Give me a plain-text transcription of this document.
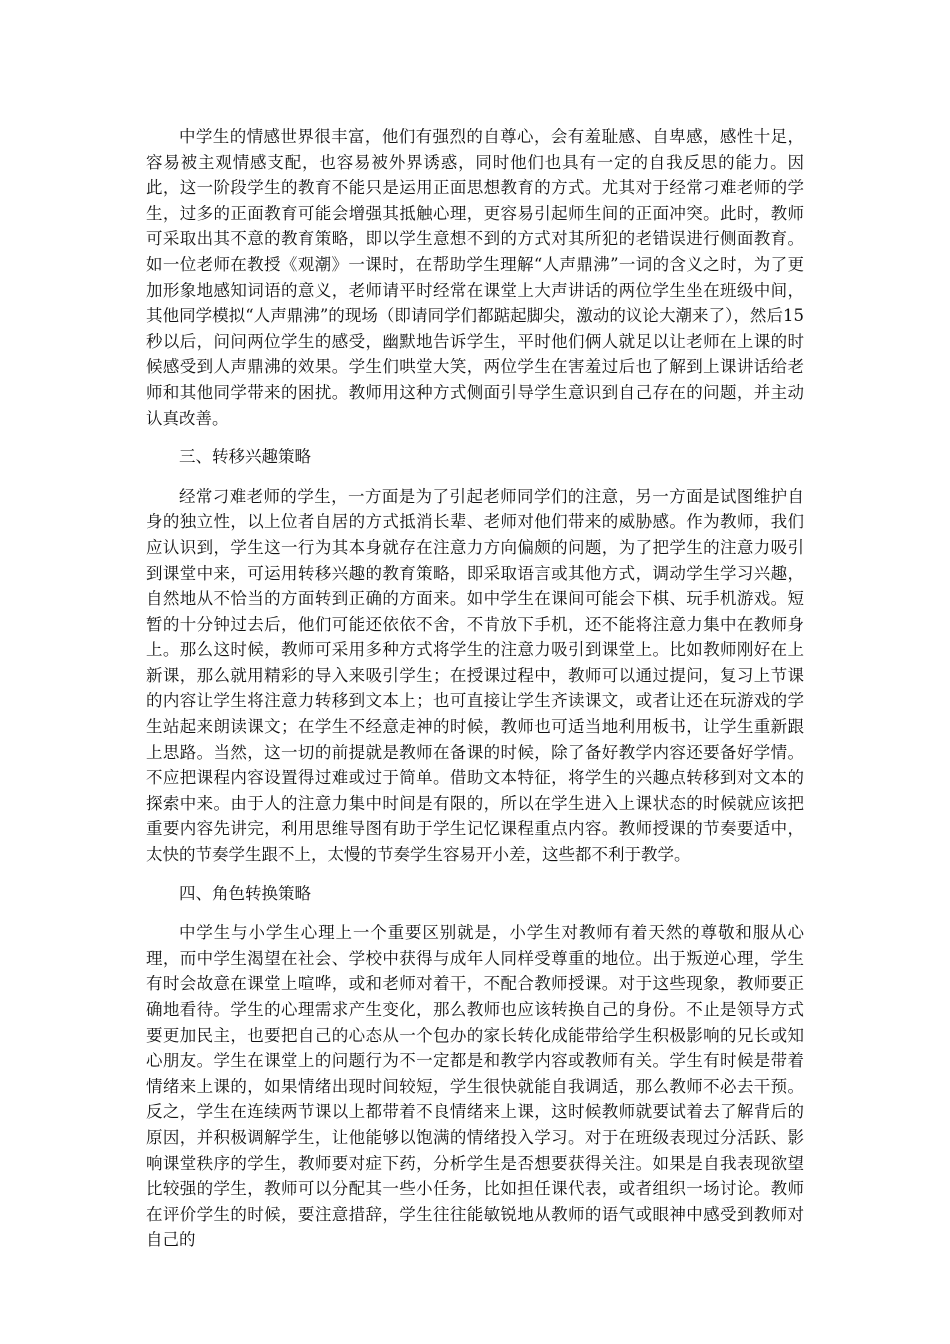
中学生的情感世界很丰富，他们有强烈的自尊心，会有羞耻感、自卑感，感性十足，容易被主观情感支配，也容易被外界诱惑，同时他们也具有一定的自我反思的能力。因此，这一阶段学生的教育不能只是运用正面思想教育的方式。尤其对于经常刁难老师的学生，过多的正面教育可能会增强其抵触心理，更容易引起师生间的正面冲突。此时，教师可采取出其不意的教育策略，即以学生意想不到的方式对其所犯的老错误进行侧面教育。如一位老师在教授《观潮》一课时，在帮助学生理解“人声鼎沸”一词的含义之时，为了更加形象地感知词语的意义，老师请平时经常在课堂上大声讲话的两位学生坐在班级中间，其他同学模拟“人声鼎沸”的现场（即请同学们都踮起脚尖，激动的议论大潮来了），然后15秒以后，问问两位学生的感受，幽默地告诉学生，平时他们俩人就足以让老师在上课的时候感受到人声鼎沸的效果。学生们哄堂大笑，两位学生在害羞过后也了解到上课讲话给老师和其他同学带来的困扰。教师用这种方式侧面引导学生意识到自己存在的问题，并主动认真改善。

三、转移兴趣策略

经常刁难老师的学生，一方面是为了引起老师同学们的注意，另一方面是试图维护自身的独立性，以上位者自居的方式抵消长辈、老师对他们带来的威胁感。作为教师，我们应认识到，学生这一行为其本身就存在注意力方向偏颇的问题，为了把学生的注意力吸引到课堂中来，可运用转移兴趣的教育策略，即采取语言或其他方式，调动学生学习兴趣，自然地从不恰当的方面转到正确的方面来。如中学生在课间可能会下棋、玩手机游戏。短暂的十分钟过去后，他们可能还依依不舍，不肯放下手机，还不能将注意力集中在教师身上。那么这时候，教师可采用多种方式将学生的注意力吸引到课堂上。比如教师刚好在上新课，那么就用精彩的导入来吸引学生；在授课过程中，教师可以通过提问，复习上节课的内容让学生将注意力转移到文本上；也可直接让学生齐读课文，或者让还在玩游戏的学生站起来朗读课文；在学生不经意走神的时候，教师也可适当地利用板书，让学生重新跟上思路。当然，这一切的前提就是教师在备课的时候，除了备好教学内容还要备好学情。不应把课程内容设置得过难或过于简单。借助文本特征，将学生的兴趣点转移到对文本的探索中来。由于人的注意力集中时间是有限的，所以在学生进入上课状态的时候就应该把重要内容先讲完，利用思维导图有助于学生记忆课程重点内容。教师授课的节奏要适中，太快的节奏学生跟不上，太慢的节奏学生容易开小差，这些都不利于教学。

四、角色转换策略

中学生与小学生心理上一个重要区别就是，小学生对教师有着天然的尊敬和服从心理，而中学生渴望在社会、学校中获得与成年人同样受尊重的地位。出于叛逆心理，学生有时会故意在课堂上喧哗，或和老师对着干，不配合教师授课。对于这些现象，教师要正确地看待。学生的心理需求产生变化，那么教师也应该转换自己的身份。不止是领导方式要更加民主，也要把自己的心态从一个包办的家长转化成能带给学生积极影响的兄长或知心朋友。学生在课堂上的问题行为不一定都是和教学内容或教师有关。学生有时候是带着情绪来上课的，如果情绪出现时间较短，学生很快就能自我调适，那么教师不必去干预。反之，学生在连续两节课以上都带着不良情绪来上课，这时候教师就要试着去了解背后的原因，并积极调解学生，让他能够以饱满的情绪投入学习。对于在班级表现过分活跃、影响课堂秩序的学生，教师要对症下药，分析学生是否想要获得关注。如果是自我表现欲望比较强的学生，教师可以分配其一些小任务，比如担任课代表，或者组织一场讨论。教师在评价学生的时候，要注意措辞，学生往往能敏锐地从教师的语气或眼神中感受到教师对自己的
